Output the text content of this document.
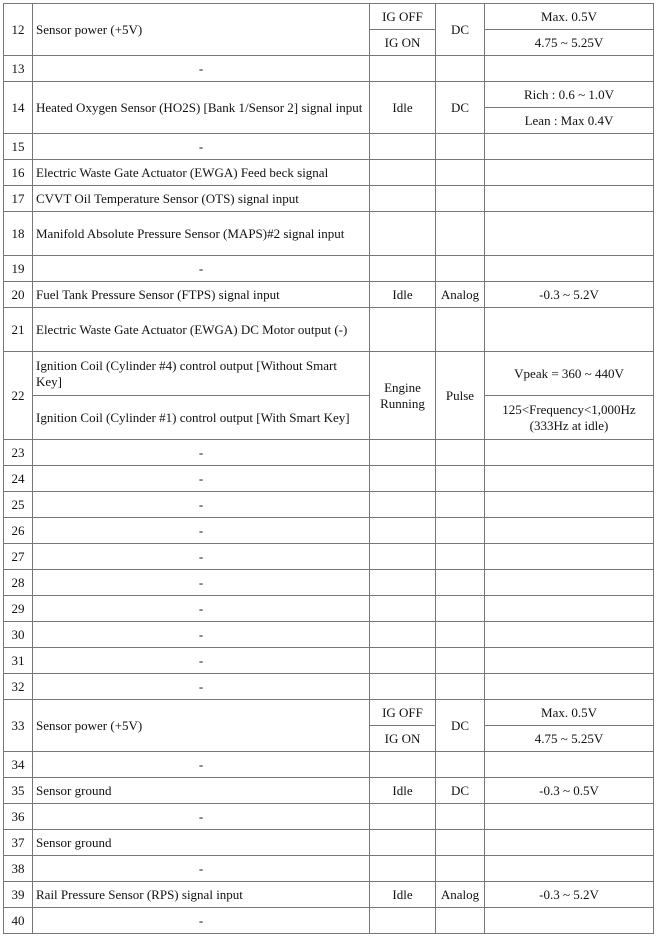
12	Sensor power (+5V)	IG OFF	DC	Max. 0.5V
		IG ON		4.75 ~ 5.25V
13	-			
14	Heated Oxygen Sensor (HO2S) [Bank 1/Sensor 2] signal input	Idle	DC	Rich : 0.6 ~ 1.0V
				Lean : Max 0.4V
15	-			
16	Electric Waste Gate Actuator (EWGA) Feed beck signal			
17	CVVT Oil Temperature Sensor (OTS) signal input			
18	Manifold Absolute Pressure Sensor (MAPS)#2 signal input			
19	-			
20	Fuel Tank Pressure Sensor (FTPS) signal input	Idle	Analog	-0.3 ~ 5.2V
21	Electric Waste Gate Actuator (EWGA) DC Motor output (-)			
22	Ignition Coil (Cylinder #4) control output [Without Smart Key]	Engine Running	Pulse	Vpeak = 360 ~ 440V
	Ignition Coil (Cylinder #1) control output [With Smart Key]			125<Frequency<1,000Hz (333Hz at idle)
23	-			
24	-			
25	-			
26	-			
27	-			
28	-			
29	-			
30	-			
31	-			
32	-			
33	Sensor power (+5V)	IG OFF	DC	Max. 0.5V
		IG ON		4.75 ~ 5.25V
34	-			
35	Sensor ground	Idle	DC	-0.3 ~ 0.5V
36	-			
37	Sensor ground			
38	-			
39	Rail Pressure Sensor (RPS) signal input	Idle	Analog	-0.3 ~ 5.2V
40	-			
